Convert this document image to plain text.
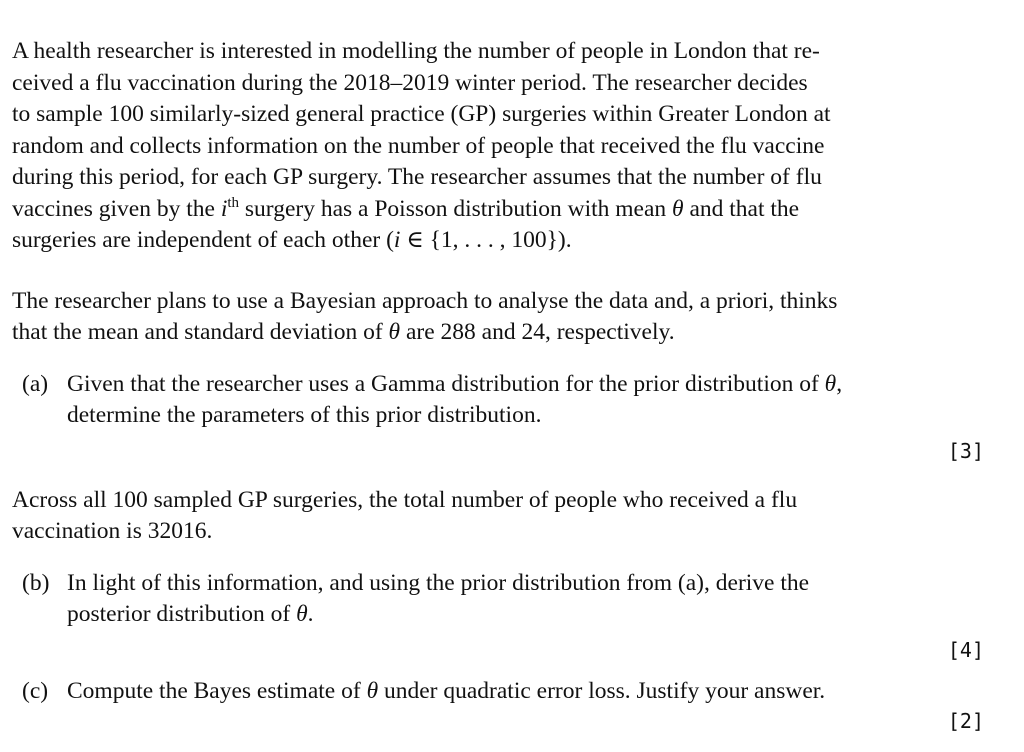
A health researcher is interested in modelling the number of people in London that re-
ceived a flu vaccination during the 2018–2019 winter period. The researcher decides
to sample 100 similarly-sized general practice (GP) surgeries within Greater London at
random and collects information on the number of people that received the flu vaccine
during this period, for each GP surgery. The researcher assumes that the number of flu
vaccines given by the $i^{th}$ surgery has a Poisson distribution with mean θ and that the
surgeries are independent of each other (i ∈ {1, . . . , 100}).
The researcher plans to use a Bayesian approach to analyse the data and, a priori, thinks
that the mean and standard deviation of θ are 288 and 24, respectively.
(a) Given that the researcher uses a Gamma distribution for the prior distribution of θ,
determine the parameters of this prior distribution.
[3]
Across all 100 sampled GP surgeries, the total number of people who received a flu
vaccination is 32016.
(b) In light of this information, and using the prior distribution from (a), derive the
posterior distribution of θ.
[4]
(c) Compute the Bayes estimate of θ under quadratic error loss. Justify your answer.
[2]
